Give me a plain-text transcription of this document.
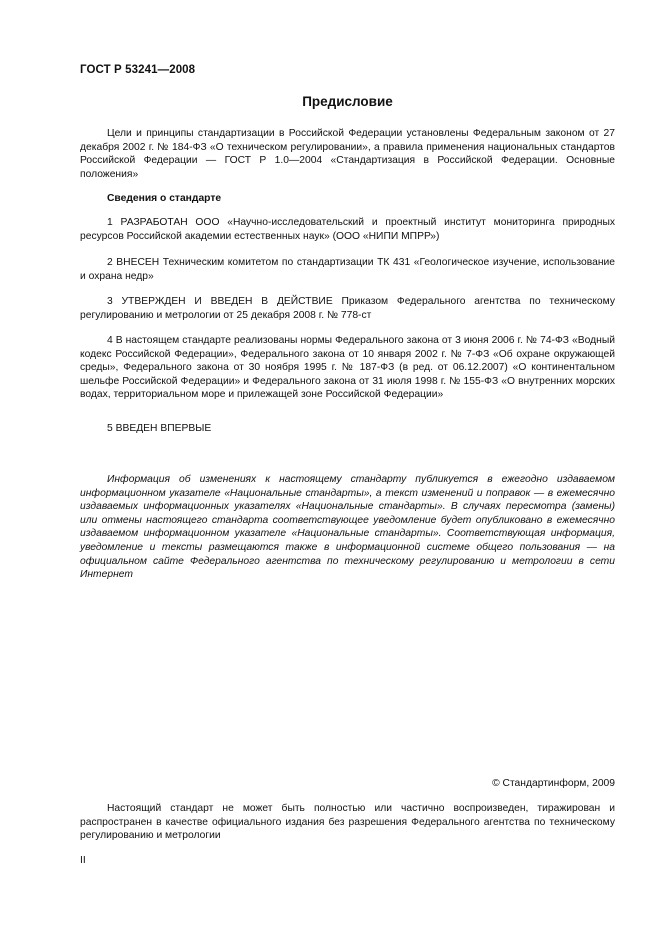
ГОСТ Р 53241—2008
Предисловие
Цели и принципы стандартизации в Российской Федерации установлены Федеральным законом от 27 декабря 2002 г. № 184-ФЗ «О техническом регулировании», а правила применения национальных стандартов Российской Федерации — ГОСТ Р 1.0—2004 «Стандартизация в Российской Федерации. Основные положения»
Сведения о стандарте
1 РАЗРАБОТАН ООО «Научно-исследовательский и проектный институт мониторинга природных ресурсов Российской академии естественных наук» (ООО «НИПИ МПРР»)
2 ВНЕСЕН Техническим комитетом по стандартизации ТК 431 «Геологическое изучение, использование и охрана недр»
3 УТВЕРЖДЕН И ВВЕДЕН В ДЕЙСТВИЕ Приказом Федерального агентства по техническому регулированию и метрологии от 25 декабря 2008 г. № 778-ст
4 В настоящем стандарте реализованы нормы Федерального закона от 3 июня 2006 г. № 74-ФЗ «Водный кодекс Российской Федерации», Федерального закона от 10 января 2002 г. № 7-ФЗ «Об охране окружающей среды», Федерального закона от 30 ноября 1995 г. № 187-ФЗ (в ред. от 06.12.2007) «О континентальном шельфе Российской Федерации» и Федерального закона от 31 июля 1998 г. № 155-ФЗ «О внутренних морских водах, территориальном море и прилежащей зоне Российской Федерации»
5 ВВЕДЕН ВПЕРВЫЕ
Информация об изменениях к настоящему стандарту публикуется в ежегодно издаваемом информационном указателе «Национальные стандарты», а текст изменений и поправок — в ежемесячно издаваемых информационных указателях «Национальные стандарты». В случаях пересмотра (замены) или отмены настоящего стандарта соответствующее уведомление будет опубликовано в ежемесячно издаваемом информационном указателе «Национальные стандарты». Соответствующая информация, уведомление и тексты размещаются также в информационной системе общего пользования — на официальном сайте Федерального агентства по техническому регулированию и метрологии в сети Интернет
© Стандартинформ, 2009
Настоящий стандарт не может быть полностью или частично воспроизведен, тиражирован и распространен в качестве официального издания без разрешения Федерального агентства по техническому регулированию и метрологии
II
